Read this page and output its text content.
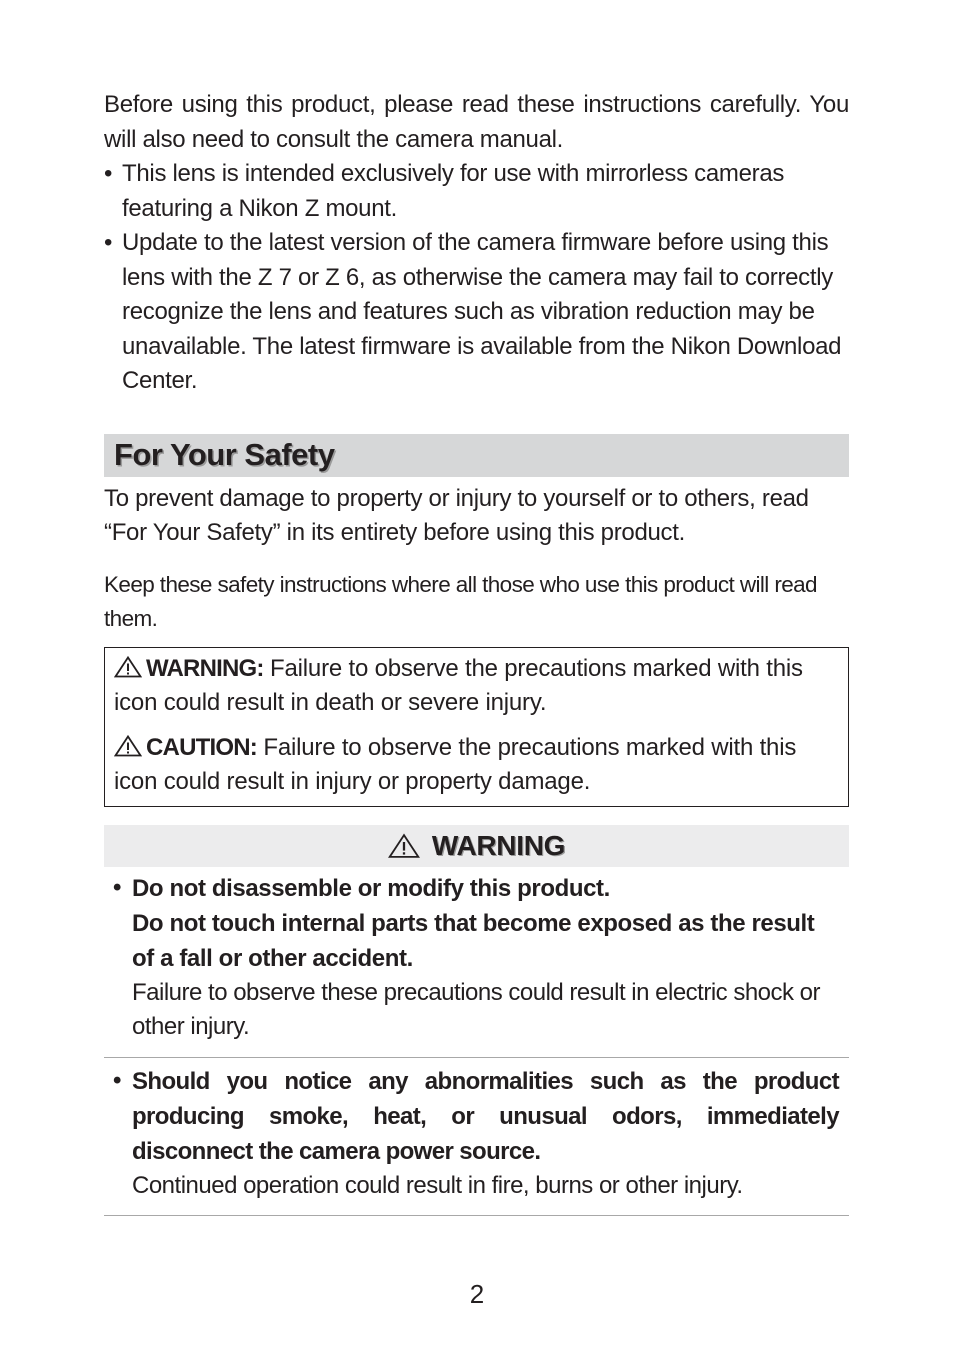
Before using this product, please read these instructions carefully. You will also need to consult the camera manual.

• This lens is intended exclusively for use with mirrorless cameras featuring a Nikon Z mount.
• Update to the latest version of the camera firmware before using this lens with the Z 7 or Z 6, as otherwise the camera may fail to correctly recognize the lens and features such as vibration reduction may be unavailable. The latest firmware is available from the Nikon Download Center.
For Your Safety

To prevent damage to property or injury to yourself or to others, read “For Your Safety” in its entirety before using this product.

Keep these safety instructions where all those who use this product will read them.

WARNING: Failure to observe the precautions marked with this icon could result in death or severe injury.
CAUTION: Failure to observe the precautions marked with this icon could result in injury or property damage.
WARNING
• Do not disassemble or modify this product.
Do not touch internal parts that become exposed as the result of a fall or other accident.
Failure to observe these precautions could result in electric shock or other injury.
• Should you notice any abnormalities such as the product producing smoke, heat, or unusual odors, immediately disconnect the camera power source.
Continued operation could result in fire, burns or other injury.
2
